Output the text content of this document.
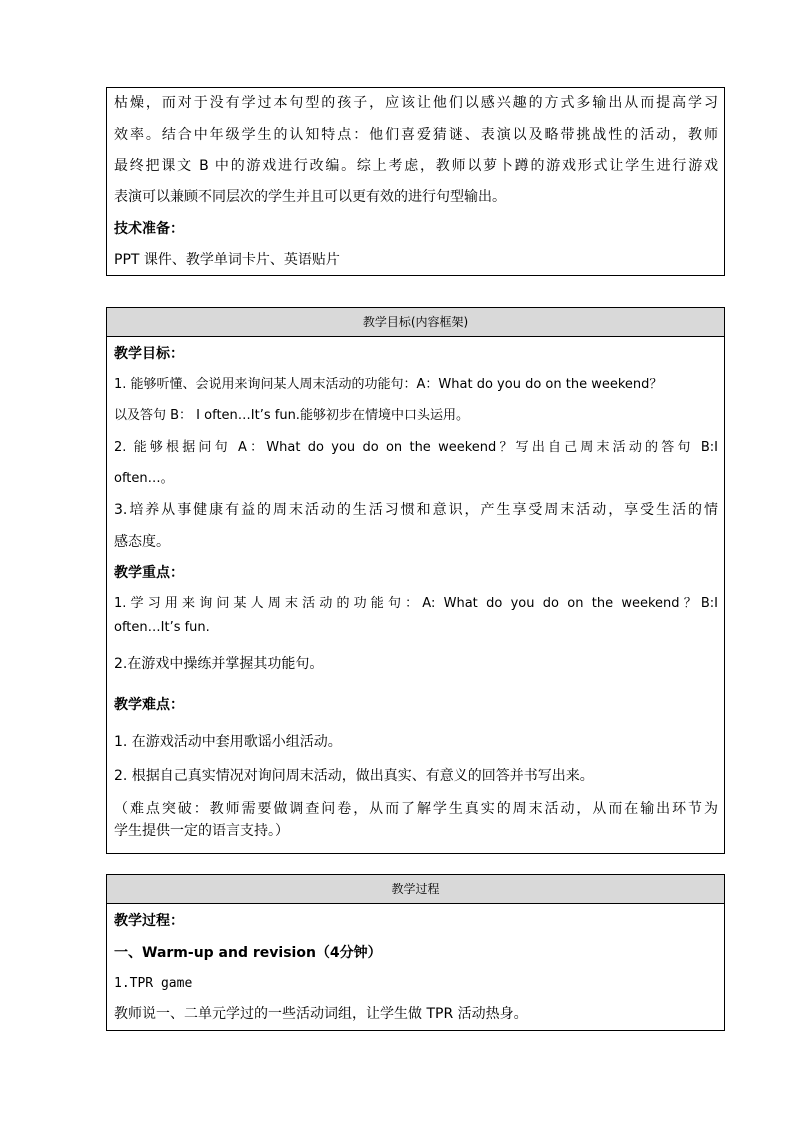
枯燥，而对于没有学过本句型的孩子，应该让他们以感兴趣的方式多输出从而提高学习
效率。结合中年级学生的认知特点：他们喜爱猜谜、表演以及略带挑战性的活动，教师
最终把课文 B 中的游戏进行改编。综上考虑，教师以萝卜蹲的游戏形式让学生进行游戏
表演可以兼顾不同层次的学生并且可以更有效的进行句型输出。
技术准备：
PPT 课件、教学单词卡片、英语贴片
教学目标(内容框架)
教学目标：
1. 能够听懂、会说用来询问某人周末活动的功能句：A：What do you do on the weekend？
以及答句 B： I often…It’s fun.能够初步在情境中口头运用。
2. 能够根据问句 A：What do you do on the weekend？写出自己周末活动的答句 B:I
often…。
3.培养从事健康有益的周末活动的生活习惯和意识，产生享受周末活动，享受生活的情
感态度。
教学重点：
1.学习用来询问某人周末活动的功能句：A: What do you do on the weekend？B:I
often…It’s fun.
2.在游戏中操练并掌握其功能句。
教学难点：
1. 在游戏活动中套用歌谣小组活动。
2. 根据自己真实情况对询问周末活动，做出真实、有意义的回答并书写出来。
（难点突破：教师需要做调查问卷，从而了解学生真实的周末活动，从而在输出环节为
学生提供一定的语言支持。）
教学过程
教学过程：
一、Warm-up and revision（4分钟）
1.TPR game
教师说一、二单元学过的一些活动词组，让学生做 TPR 活动热身。
